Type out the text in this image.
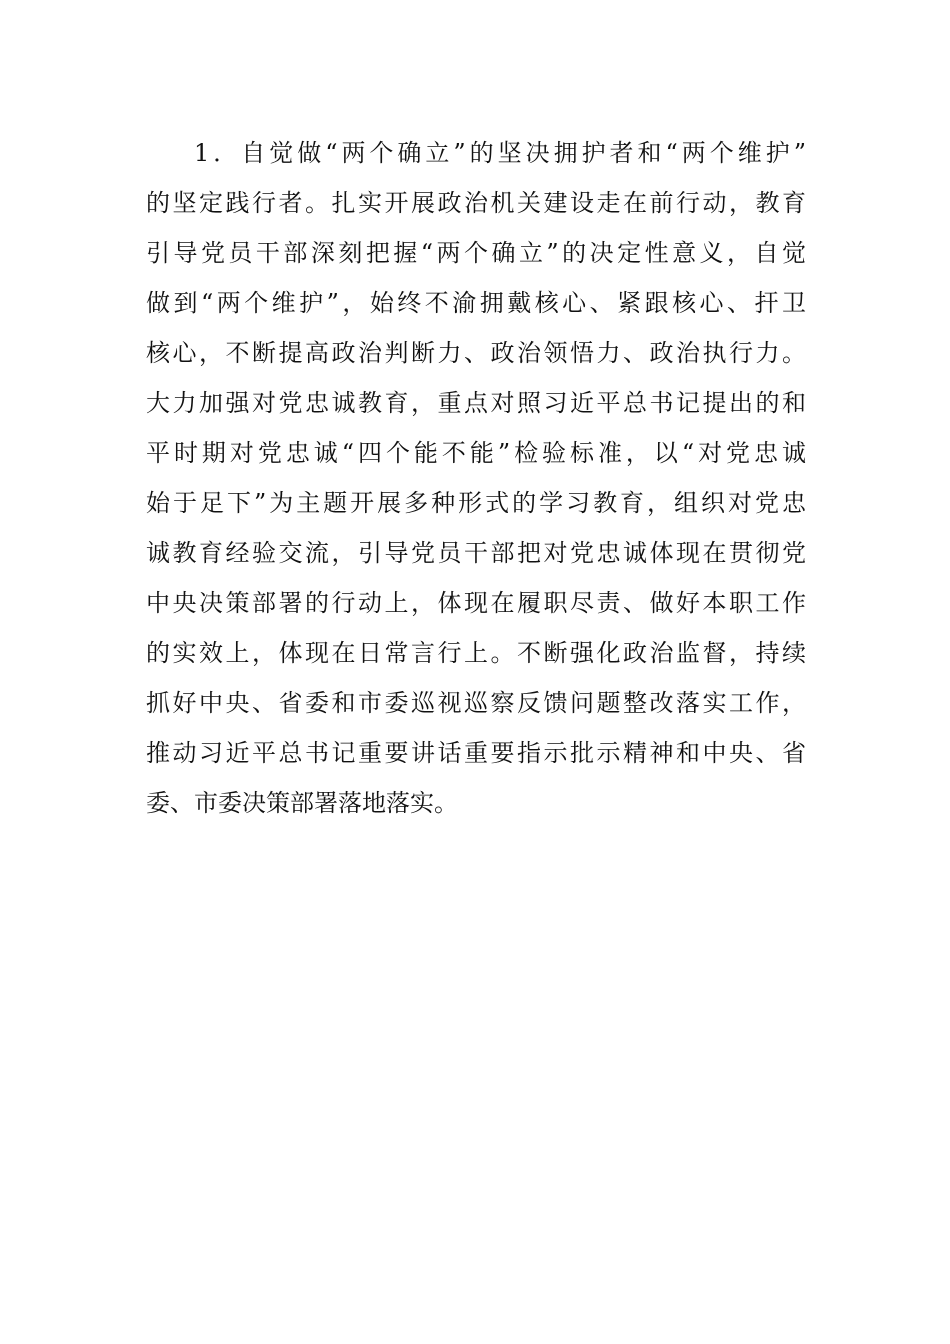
1．自觉做“两个确立”的坚决拥护者和“两个维护”
的坚定践行者。扎实开展政治机关建设走在前行动，教育
引导党员干部深刻把握“两个确立”的决定性意义，自觉
做到“两个维护”，始终不渝拥戴核心、紧跟核心、扞卫
核心，不断提高政治判断力、政治领悟力、政治执行力。
大力加强对党忠诚教育，重点对照习近平总书记提出的和
平时期对党忠诚“四个能不能”检验标准，以“对党忠诚
始于足下”为主题开展多种形式的学习教育，组织对党忠
诚教育经验交流，引导党员干部把对党忠诚体现在贯彻党
中央决策部署的行动上，体现在履职尽责、做好本职工作
的实效上，体现在日常言行上。不断强化政治监督，持续
抓好中央、省委和市委巡视巡察反馈问题整改落实工作，
推动习近平总书记重要讲话重要指示批示精神和中央、省
委、市委决策部署落地落实。
